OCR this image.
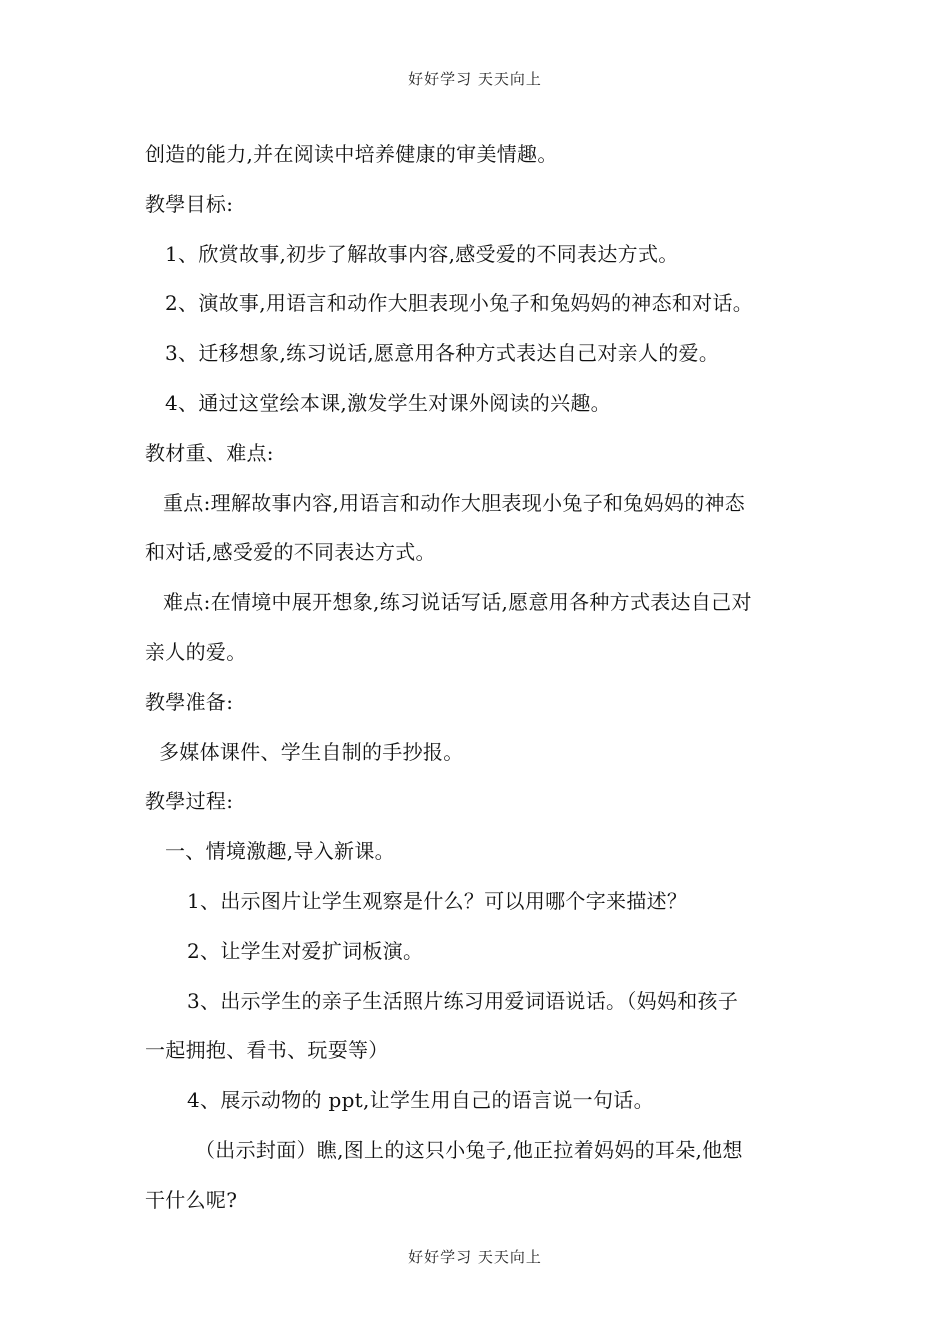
好好学习 天天向上
创造的能力,并在阅读中培养健康的审美情趣。
教學目标:
1、欣赏故事,初步了解故事内容,感受爱的不同表达方式。
2、演故事,用语言和动作大胆表现小兔子和兔妈妈的神态和对话。
3、迁移想象,练习说话,愿意用各种方式表达自己对亲人的爱。
4、通过这堂绘本课,激发学生对课外阅读的兴趣。
教材重、难点:
重点:理解故事内容,用语言和动作大胆表现小兔子和兔妈妈的神态
和对话,感受爱的不同表达方式。
难点:在情境中展开想象,练习说话写话,愿意用各种方式表达自己对
亲人的爱。
教學准备:
多媒体课件、学生自制的手抄报。
教學过程:
一、情境激趣,导入新课。
1、出示图片让学生观察是什么？可以用哪个字来描述？
2、让学生对爱扩词板演。
3、出示学生的亲子生活照片练习用爱词语说话。（妈妈和孩子
一起拥抱、看书、玩耍等）
4、展示动物的 ppt,让学生用自己的语言说一句话。
（出示封面）瞧,图上的这只小兔子,他正拉着妈妈的耳朵,他想
干什么呢?
好好学习 天天向上
